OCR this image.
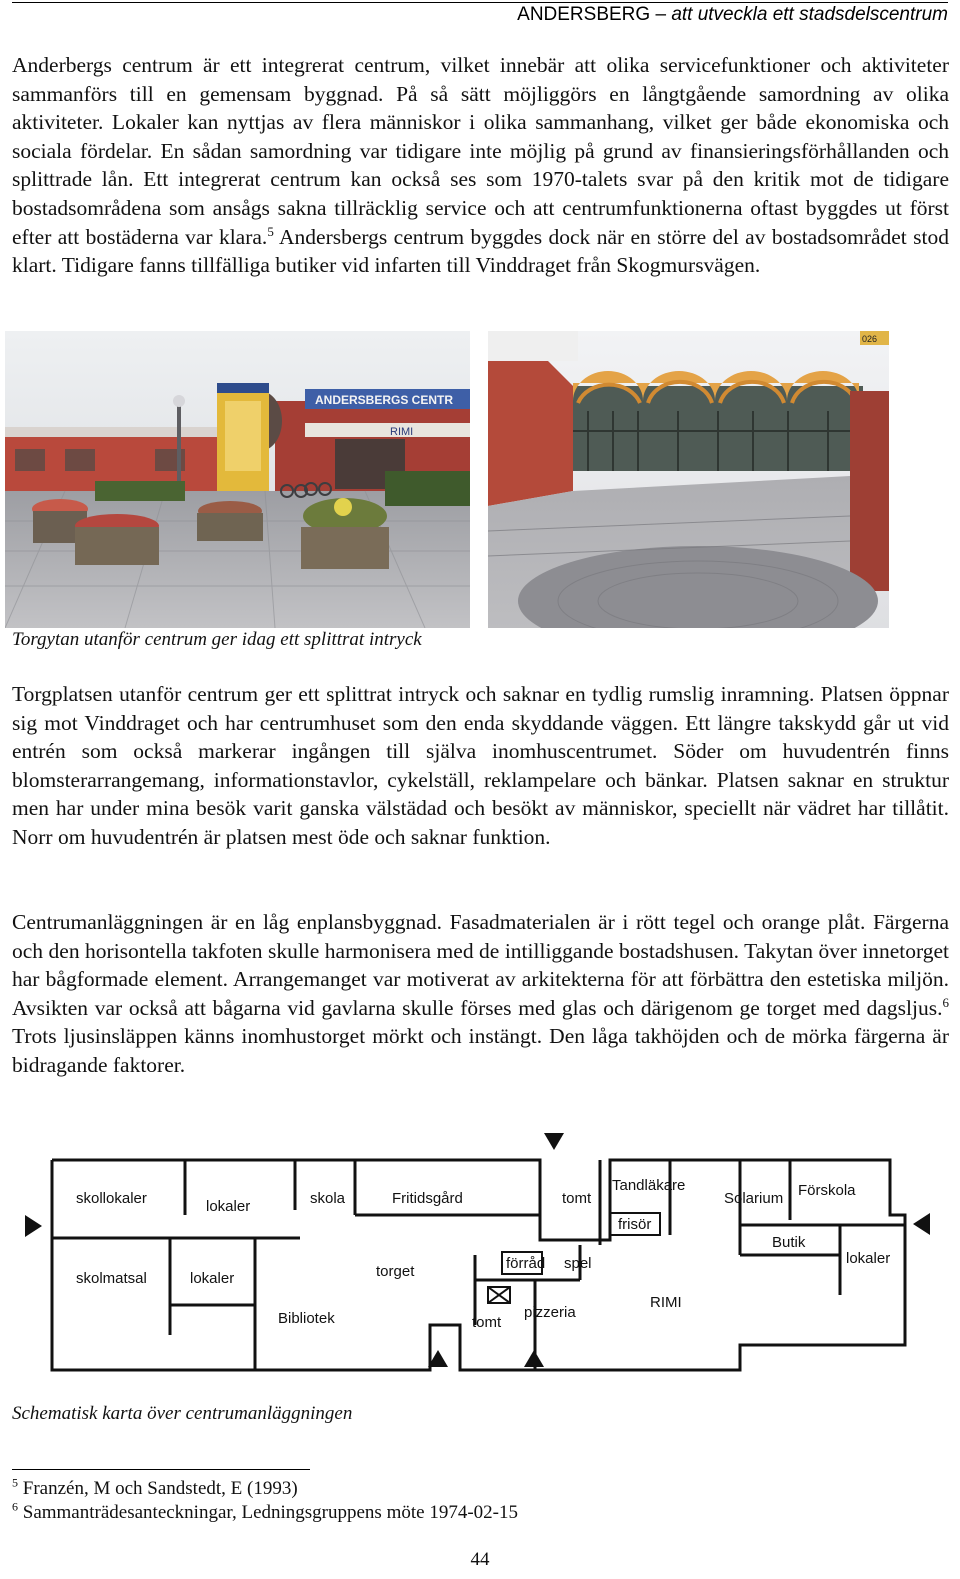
ANDERSBERG – att utveckla ett stadsdelscentrum

Anderbergs centrum är ett integrerat centrum, vilket innebär att olika servicefunktioner och aktiviteter sammanförs till en gemensam byggnad. På så sätt möjliggörs en långtgående samordning av olika aktiviteter. Lokaler kan nyttjas av flera människor i olika sammanhang, vilket ger både ekonomiska och sociala fördelar. En sådan samordning var tidigare inte möjlig på grund av finansieringsförhållanden och splittrade lån. Ett integrerat centrum kan också ses som 1970-talets svar på den kritik mot de tidigare bostadsområdena som ansågs sakna tillräcklig service och att centrumfunktionerna oftast byggdes ut först efter att bostäderna var klara.$^5$ Andersbergs centrum byggdes dock när en större del av bostadsområdet stod klart. Tidigare fanns tillfälliga butiker vid infarten till Vinddraget från Skogmursvägen.

ANDERSBERGS CENTR
RIMI
026

Torgytan utanför centrum ger idag ett splittrat intryck

Torgplatsen utanför centrum ger ett splittrat intryck och saknar en tydlig rumslig inramning. Platsen öppnar sig mot Vinddraget och har centrumhuset som den enda skyddande väggen. Ett längre takskydd går ut vid entrén som också markerar ingången till själva inomhuscentrumet. Söder om huvudentrén finns blomsterarrangemang, informationstavlor, cykelställ, reklampelare och bänkar. Platsen saknar en struktur men har under mina besök varit ganska välstädad och besökt av människor, speciellt när vädret har tillåtit. Norr om huvudentrén är platsen mest öde och saknar funktion.

Centrumanläggningen är en låg enplansbyggnad. Fasadmaterialen är i rött tegel och orange plåt. Färgerna och den horisontella takfoten skulle harmonisera med de intilliggande bostadshusen. Takytan över innetorget har bågformade element. Arrangemanget var motiverat av arkitekterna för att förbättra den estetiska miljön. Avsikten var också att bågarna vid gavlarna skulle förses med glas och därigenom ge torget med dagsljus.$^6$ Trots ljusinsläppen känns inomhustorget mörkt och instängt. Den låga takhöjden och de mörka färgerna är bidragande faktorer.

skollokaler	lokaler	skola	Fritidsgård	tomt
Tandläkare
frisör
Solarium Förskola
Butik
lokaler
skolmatsal	lokaler	torget	förråd spel
Bibliotek	tomt
pizzeria
RIMI

Schematisk karta över centrumanläggningen

$^5$ Franzén, M och Sandstedt, E (1993)

$^6$ Sammanträdesanteckningar, Ledningsgruppens möte 1974-02-15

44
